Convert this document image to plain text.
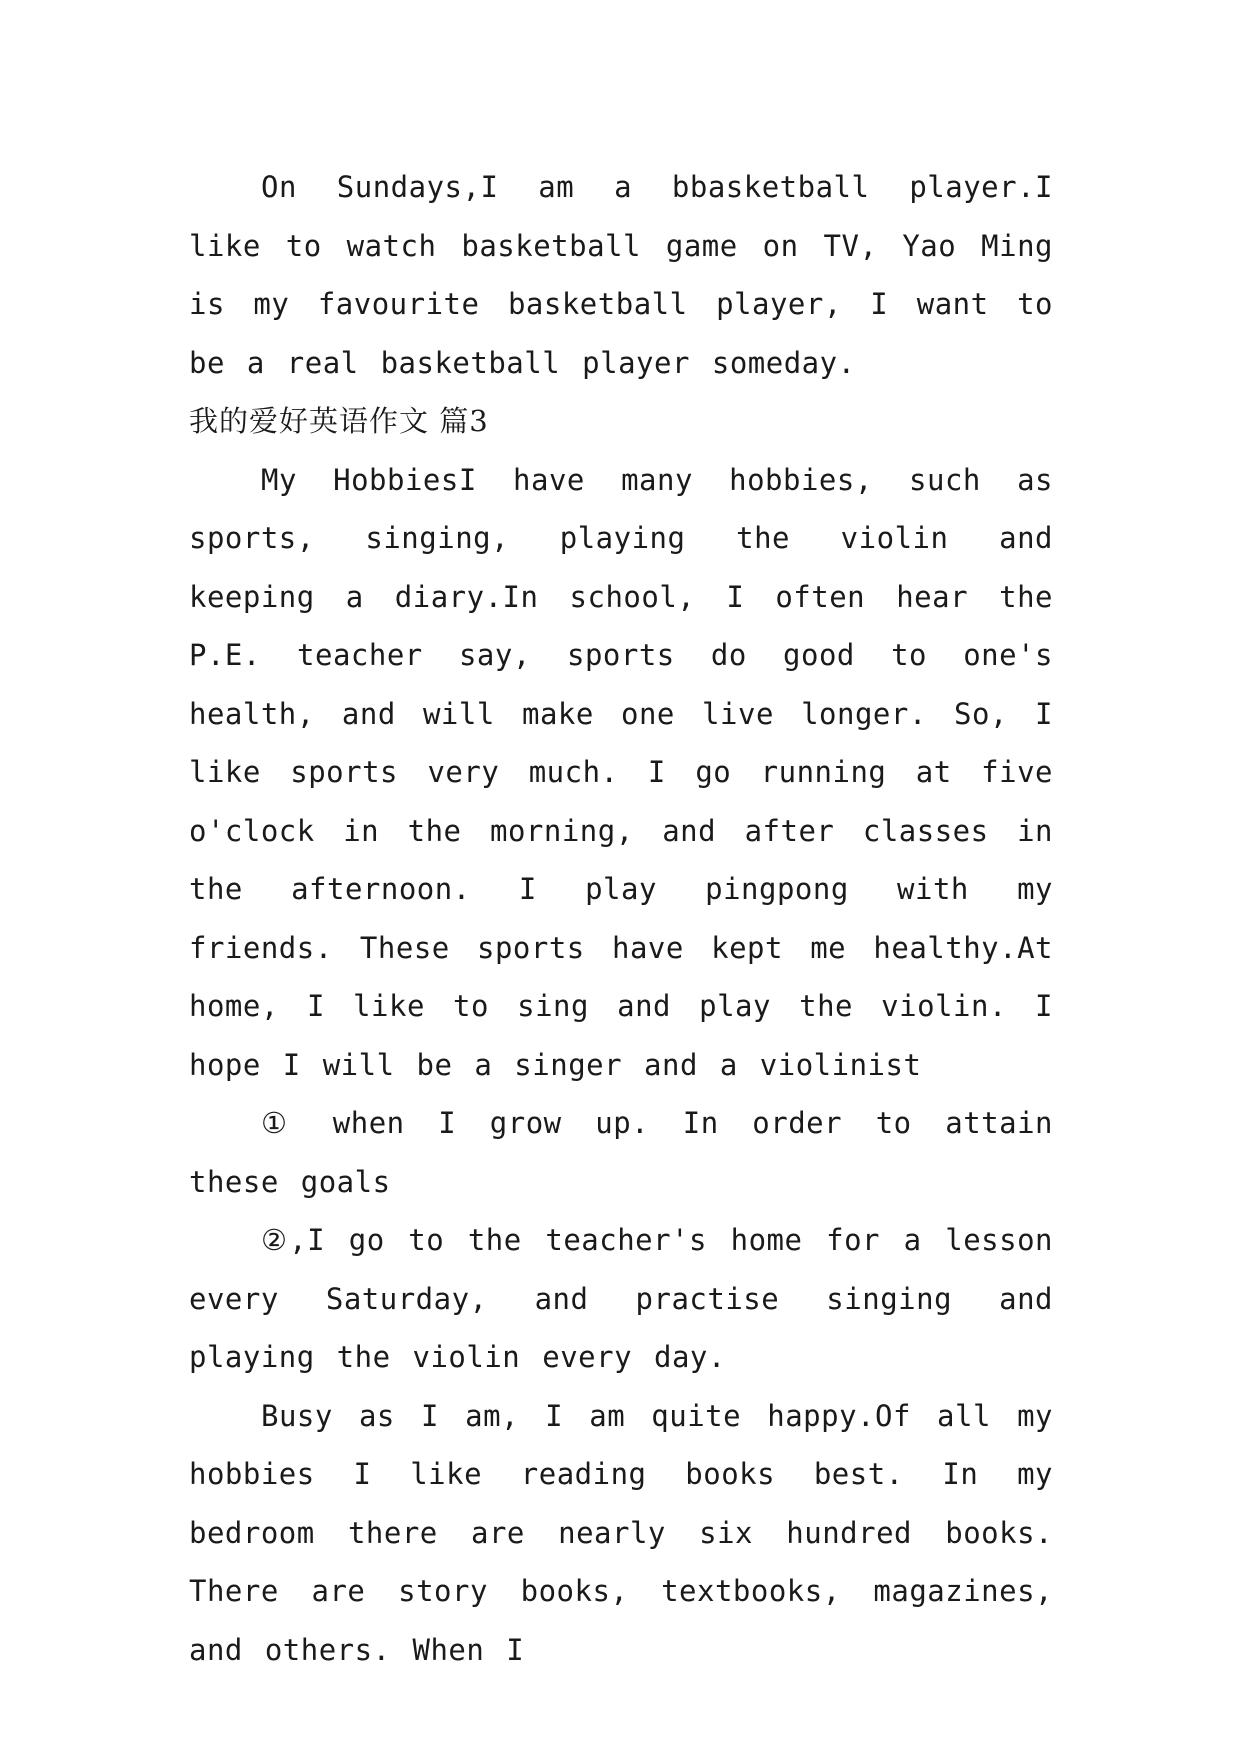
On Sundays,I am a bbasketball player.I like to watch basketball game on TV, Yao Ming is my favourite basketball player, I want to be a real basketball player someday.

我的爱好英语作文 篇3

My HobbiesI have many hobbies, such as sports, singing, playing the violin and keeping a diary.In school, I often hear the P.E. teacher say, sports do good to one's health, and will make one live longer. So, I like sports very much. I go running at five o'clock in the morning, and after classes in the afternoon. I play pingpong with my friends. These sports have kept me healthy.At home, I like to sing and play the violin. I hope I will be a singer and a violinist

① when I grow up. In order to attain these goals

②,I go to the teacher's home for a lesson every Saturday, and practise singing and playing the violin every day.

Busy as I am, I am quite happy.Of all my hobbies I like reading books best. In my bedroom there are nearly six hundred books. There are story books, textbooks, magazines, and others. When I
